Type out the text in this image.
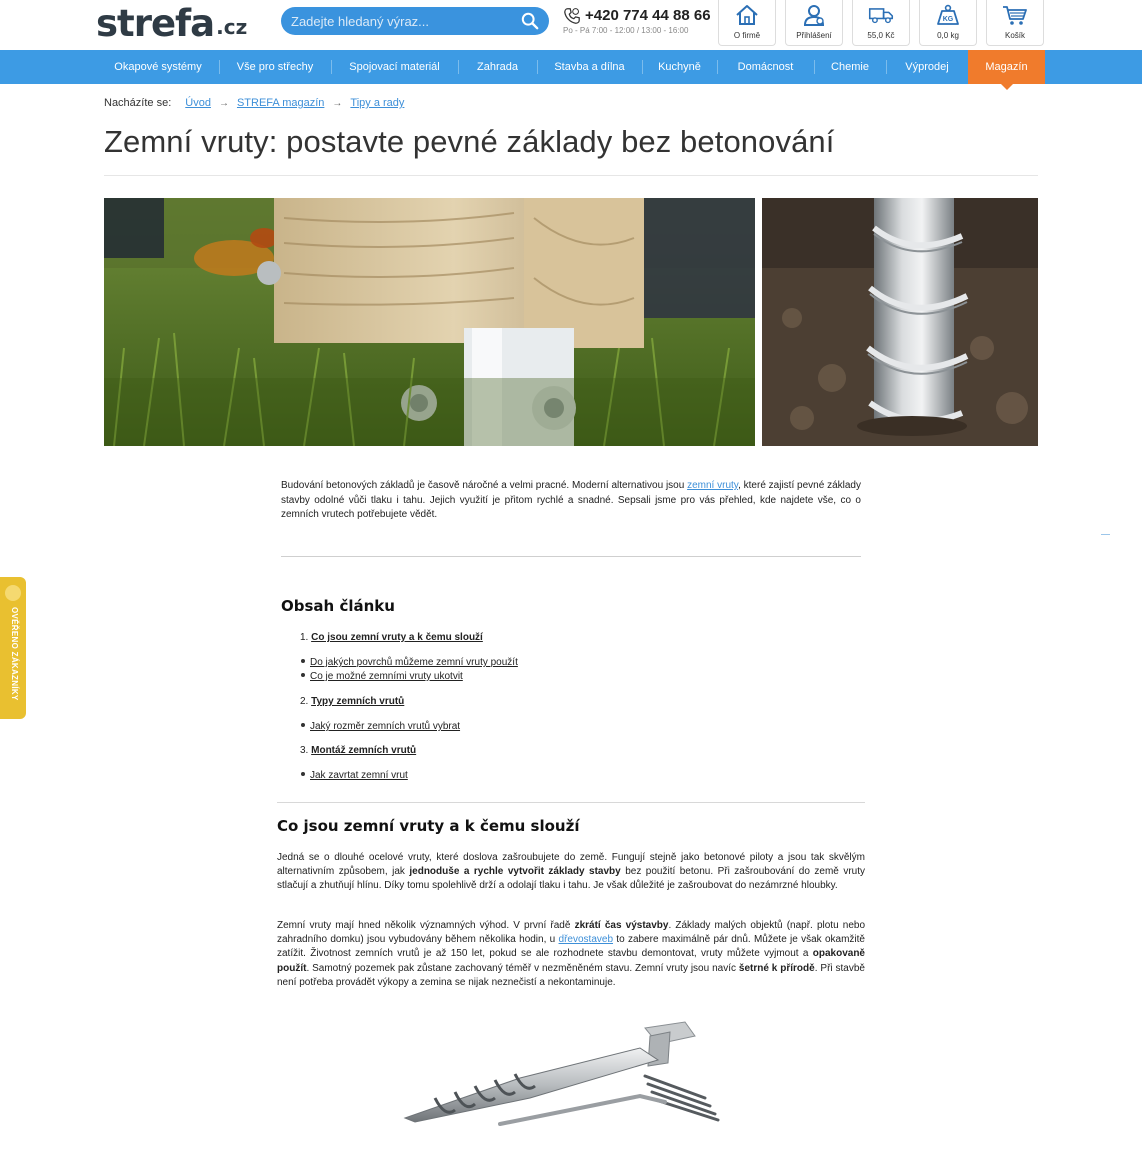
strefa .cz
Zadejte hledaný výraz...	+420 774 44 88 66
Po - Pá 7:00 - 12:00 / 13:00 - 16:00
O firmě	Přihlášení	55,0 Kč
KG
0,0 kg	Košík
Okapové systémy	Vše pro střechy	Spojovací materiál	Zahrada	Stavba a dílna	Kuchyně	Domácnost	Chemie	Výprodej	Magazín
Nacházíte se: Úvod → STREFA magazín → Tipy a rady
Zemní vruty: postavte pevné základy bez betonování

Budování betonových základů je časově náročné a velmi pracné. Moderní alternativou jsou zemní vruty, které zajistí pevné základy stavby odolné vůči tlaku i tahu. Jejich využití je přitom rychlé a snadné. Sepsali jsme pro vás přehled, kde najdete vše, co o zemních vrutech potřebujete vědět.

Obsah článku
1. Co jsou zemní vruty a k čemu slouží
Do jakých povrchů můžeme zemní vruty použít
Co je možné zemními vruty ukotvit
2. Typy zemních vrutů
Jaký rozměr zemních vrutů vybrat
3. Montáž zemních vrutů
Jak zavrtat zemní vrut
Co jsou zemní vruty a k čemu slouží

Jedná se o dlouhé ocelové vruty, které doslova zašroubujete do země. Fungují stejně jako betonové piloty a jsou tak skvělým alternativním způsobem, jak jednoduše a rychle vytvořit základy stavby bez použití betonu. Při zašroubování do země vruty stlačují a zhutňují hlínu. Díky tomu spolehlivě drží a odolají tlaku i tahu. Je však důležité je zašroubovat do nezámrzné hloubky.

Zemní vruty mají hned několik významných výhod. V první řadě zkrátí čas výstavby. Základy malých objektů (např. plotu nebo zahradního domku) jsou vybudovány během několika hodin, u dřevostaveb to zabere maximálně pár dnů. Můžete je však okamžitě zatížit. Životnost zemních vrutů je až 150 let, pokud se ale rozhodnete stavbu demontovat, vruty můžete vyjmout a opakovaně použít. Samotný pozemek pak zůstane zachovaný téměř v nezměněném stavu. Zemní vruty jsou navíc šetrné k přírodě. Při stavbě není potřeba provádět výkopy a zemina se nijak neznečistí a nekontaminuje.

OVĚŘENO ZÁKAZNÍKY
